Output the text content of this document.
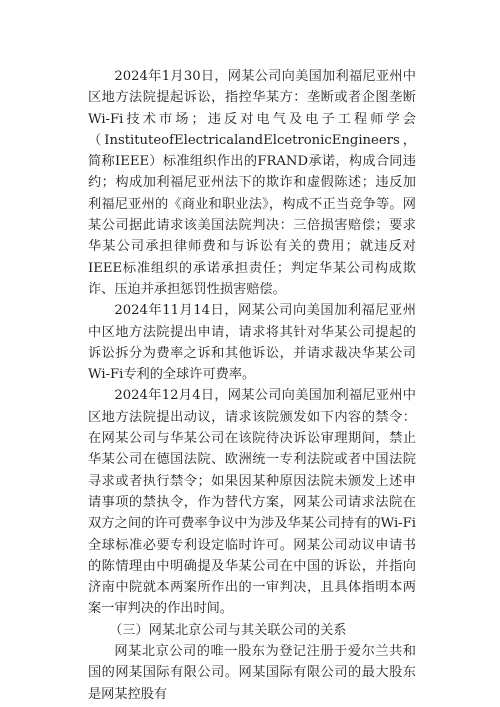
2024年1月30日，网某公司向美国加利福尼亚州中区地方法院提起诉讼，指控华某方：垄断或者企图垄断Wi-Fi技术市场；违反对电气及电子工程师学会（InstituteofElectricalandElcetronicEngineers，简称IEEE）标准组织作出的FRAND承诺，构成合同违约；构成加利福尼亚州法下的欺诈和虚假陈述；违反加利福尼亚州的《商业和职业法》，构成不正当竞争等。网某公司据此请求该美国法院判决：三倍损害赔偿；要求华某公司承担律师费和与诉讼有关的费用；就违反对IEEE标准组织的承诺承担责任；判定华某公司构成欺诈、压迫并承担惩罚性损害赔偿。

2024年11月14日，网某公司向美国加利福尼亚州中区地方法院提出申请，请求将其针对华某公司提起的诉讼拆分为费率之诉和其他诉讼，并请求裁决华某公司Wi-Fi专利的全球许可费率。

2024年12月4日，网某公司向美国加利福尼亚州中区地方法院提出动议，请求该院颁发如下内容的禁令：在网某公司与华某公司在该院待决诉讼审理期间，禁止华某公司在德国法院、欧洲统一专利法院或者中国法院寻求或者执行禁令；如果因某种原因法院未颁发上述申请事项的禁执令，作为替代方案，网某公司请求法院在双方之间的许可费率争议中为涉及华某公司持有的Wi-Fi全球标准必要专利设定临时许可。网某公司动议申请书的陈情理由中明确提及华某公司在中国的诉讼，并指向济南中院就本两案所作出的一审判决，且具体指明本两案一审判决的作出时间。

（三）网某北京公司与其关联公司的关系

网某北京公司的唯一股东为登记注册于爱尔兰共和国的网某国际有限公司。网某国际有限公司的最大股东是网某控股有
